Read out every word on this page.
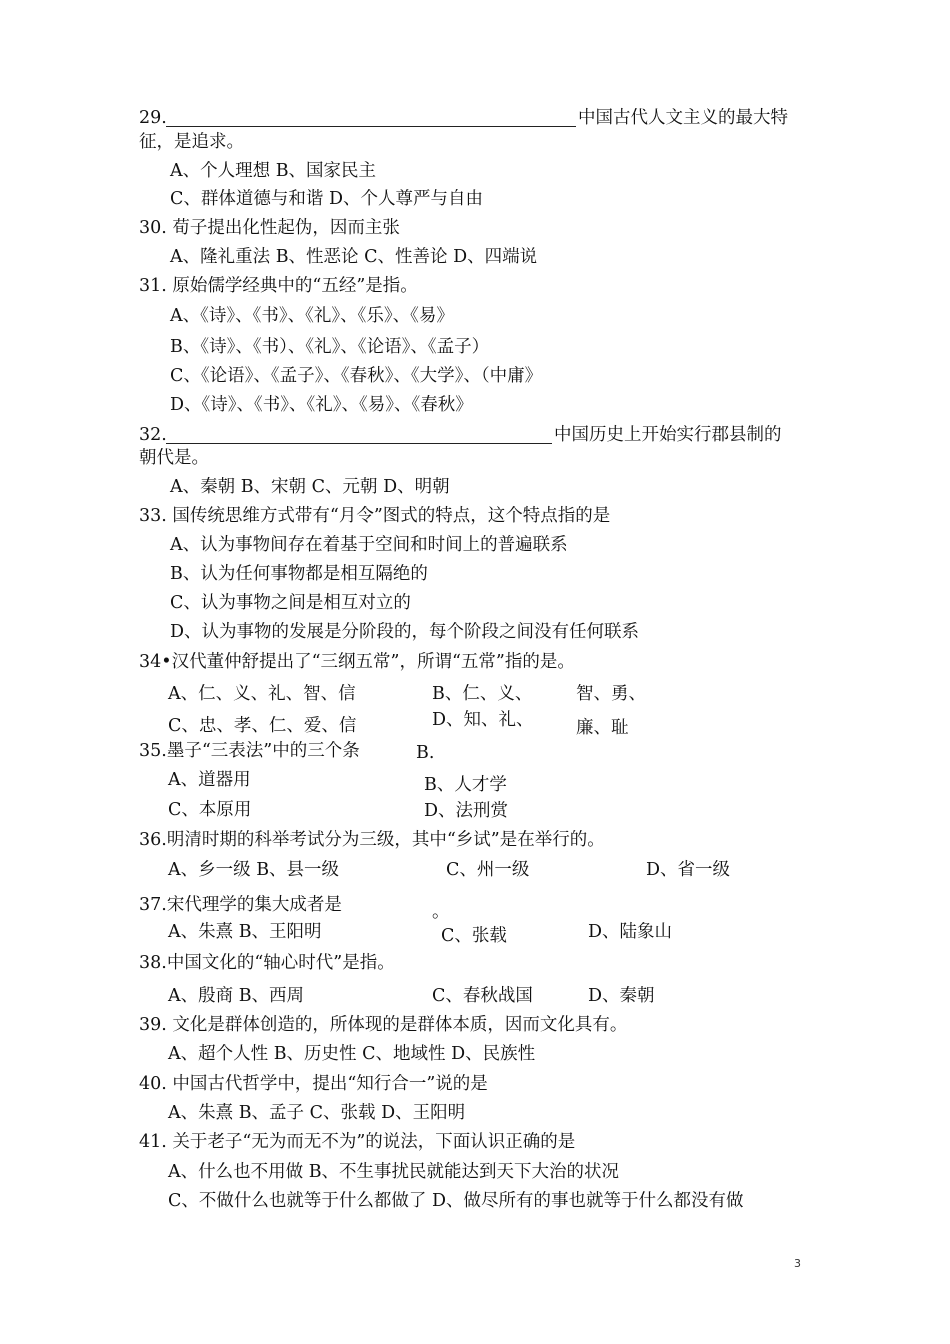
29.	中国古代人文主义的最大特
征，是追求。
A、个人理想 B、国家民主
C、群体道德与和谐 D、个人尊严与自由
30. 荀子提出化性起伪，因而主张
A、隆礼重法 B、性恶论 C、性善论 D、四端说
31. 原始儒学经典中的“五经”是指。
A、《诗》、《书》、《礼》、《乐》、《易》
B、《诗》、《书）、《礼》、《论语》、《孟子）
C、《论语》、《孟子》、《春秋》、《大学》、（中庸》
D、《诗》、《书》、《礼》、《易》、《春秋》
32.	中国历史上开始实行郡县制的
朝代是。
A、秦朝 B、宋朝 C、元朝 D、明朝
33. 国传统思维方式带有“月令”图式的特点，这个特点指的是
A、认为事物间存在着基于空间和时间上的普遍联系
B、认为任何事物都是相互隔绝的
C、认为事物之间是相互对立的
D、认为事物的发展是分阶段的，每个阶段之间没有任何联系
34•汉代董仲舒提出了“三纲五常”，所谓“五常”指的是。
A、仁、义、礼、智、信	B、仁、义、 智、勇、
C、忠、孝、仁、爱、信	D、知、礼、 廉、耻
35.墨子“三表法”中的三个条	B.
A、道器用	B、人才学
C、本原用	D、法刑赏
36.明清时期的科举考试分为三级，其中“乡试”是在举行的。
A、乡一级 B、县一级	C、州一级	D、省一级
37.宋代理学的集大成者是	。
A、朱熹 B、王阳明	C、张载	D、陆象山
38.中国文化的“轴心时代”是指。
A、殷商 B、西周	C、春秋战国	D、秦朝
39. 文化是群体创造的，所体现的是群体本质，因而文化具有。
A、超个人性 B、历史性 C、地域性 D、民族性
40. 中国古代哲学中，提出“知行合一”说的是
A、朱熹 B、孟子 C、张载 D、王阳明
41. 关于老子“无为而无不为”的说法，下面认识正确的是
A、什么也不用做 B、不生事扰民就能达到天下大治的状况
C、不做什么也就等于什么都做了 D、做尽所有的事也就等于什么都没有做
3
